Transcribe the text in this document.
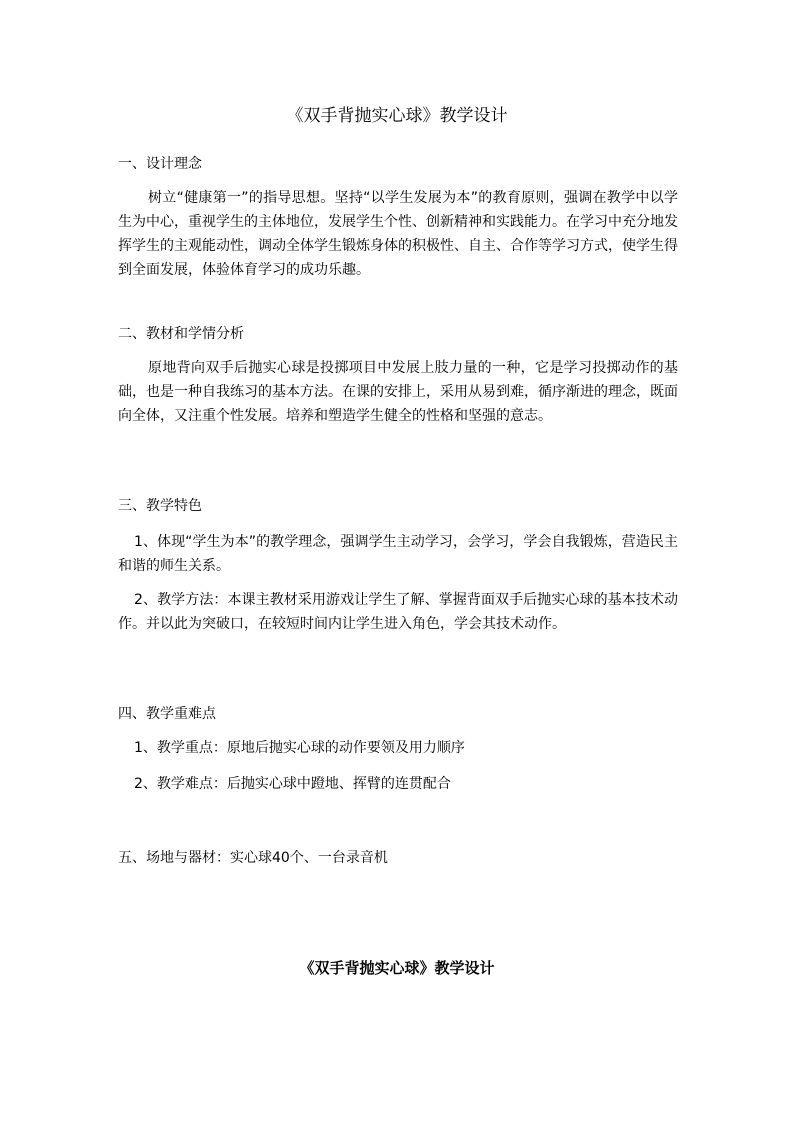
《双手背抛实心球》教学设计
一、设计理念
树立“健康第一”的指导思想。坚持“以学生发展为本”的教育原则，强调在教学中以学生为中心，重视学生的主体地位，发展学生个性、创新精神和实践能力。在学习中充分地发挥学生的主观能动性，调动全体学生锻炼身体的积极性、自主、合作等学习方式，使学生得到全面发展，体验体育学习的成功乐趣。
二、教材和学情分析
原地背向双手后抛实心球是投掷项目中发展上肢力量的一种，它是学习投掷动作的基础，也是一种自我练习的基本方法。在课的安排上，采用从易到难，循序渐进的理念，既面向全体，又注重个性发展。培养和塑造学生健全的性格和坚强的意志。
三、教学特色
1、体现“学生为本”的教学理念，强调学生主动学习，会学习，学会自我锻炼，营造民主和谐的师生关系。
2、教学方法：本课主教材采用游戏让学生了解、掌握背面双手后抛实心球的基本技术动作。并以此为突破口，在较短时间内让学生进入角色，学会其技术动作。
四、教学重难点
1、教学重点：原地后抛实心球的动作要领及用力顺序
2、教学难点：后抛实心球中蹬地、挥臂的连贯配合
五、场地与器材：实心球40个、一台录音机
《双手背抛实心球》教学设计
